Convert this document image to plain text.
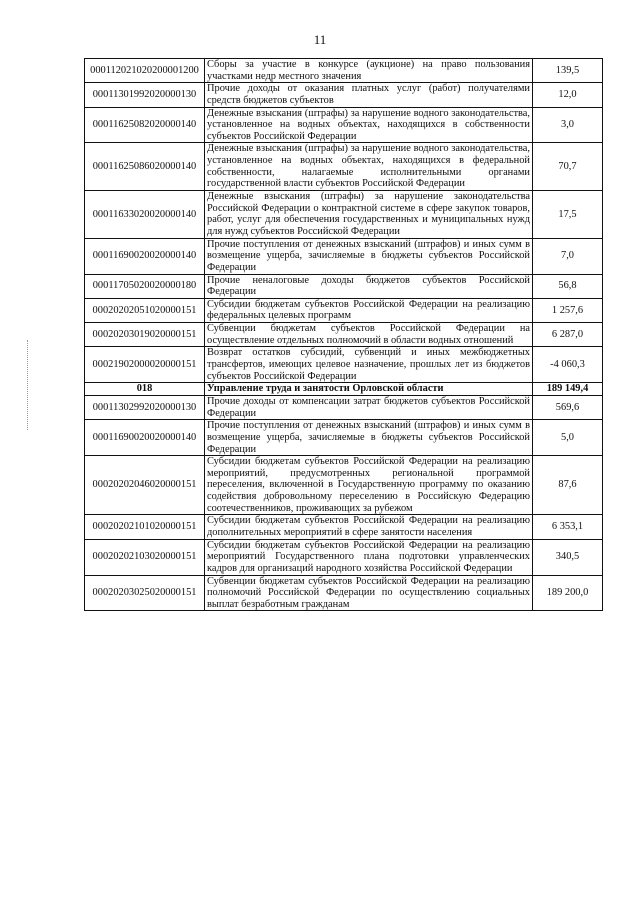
11
000112021020200001200	Сборы за участие в конкурсе (аукционе) на право пользования участками недр местного значения	139,5
00011301992020000130	Прочие доходы от оказания платных услуг (работ) получателями средств бюджетов субъектов	12,0
00011625082020000140	Денежные взыскания (штрафы) за нарушение водного законодательства, установленное на водных объектах, находящихся в собственности субъектов Российской Федерации	3,0
00011625086020000140	Денежные взыскания (штрафы) за нарушение водного законодательства, установленное на водных объектах, находящихся в федеральной собственности, налагаемые исполнительными органами государственной власти субъектов Российской Федерации	70,7
00011633020020000140	Денежные взыскания (штрафы) за нарушение законодательства Российской Федерации о контрактной системе в сфере закупок товаров, работ, услуг для обеспечения государственных и муниципальных нужд для нужд субъектов Российской Федерации	17,5
00011690020020000140	Прочие поступления от денежных взысканий (штрафов) и иных сумм в возмещение ущерба, зачисляемые в бюджеты субъектов Российской Федерации	7,0
00011705020020000180	Прочие неналоговые доходы бюджетов субъектов Российской Федерации	56,8
00020202051020000151	Субсидии бюджетам субъектов Российской Федерации на реализацию федеральных целевых программ	1 257,6
00020203019020000151	Субвенции бюджетам субъектов Российской Федерации на осуществление отдельных полномочий в области водных отношений	6 287,0
00021902000020000151	Возврат остатков субсидий, субвенций и иных межбюджетных трансфертов, имеющих целевое назначение, прошлых лет из бюджетов субъектов Российской Федерации	-4 060,3
018	Управление труда и занятости Орловской области	189 149,4
00011302992020000130	Прочие доходы от компенсации затрат бюджетов субъектов Российской Федерации	569,6
00011690020020000140	Прочие поступления от денежных взысканий (штрафов) и иных сумм в возмещение ущерба, зачисляемые в бюджеты субъектов Российской Федерации	5,0
00020202046020000151	Субсидии бюджетам субъектов Российской Федерации на реализацию мероприятий, предусмотренных региональной программой переселения, включенной в Государственную программу по оказанию содействия добровольному переселению в Российскую Федерацию соотечественников, проживающих за рубежом	87,6
00020202101020000151	Субсидии бюджетам субъектов Российской Федерации на реализацию дополнительных мероприятий в сфере занятости населения	6 353,1
00020202103020000151	Субсидии бюджетам субъектов Российской Федерации на реализацию мероприятий Государственного плана подготовки управленческих кадров для организаций народного хозяйства Российской Федерации	340,5
00020203025020000151	Субвенции бюджетам субъектов Российской Федерации на реализацию полномочий Российской Федерации по осуществлению социальных выплат безработным гражданам	189 200,0
